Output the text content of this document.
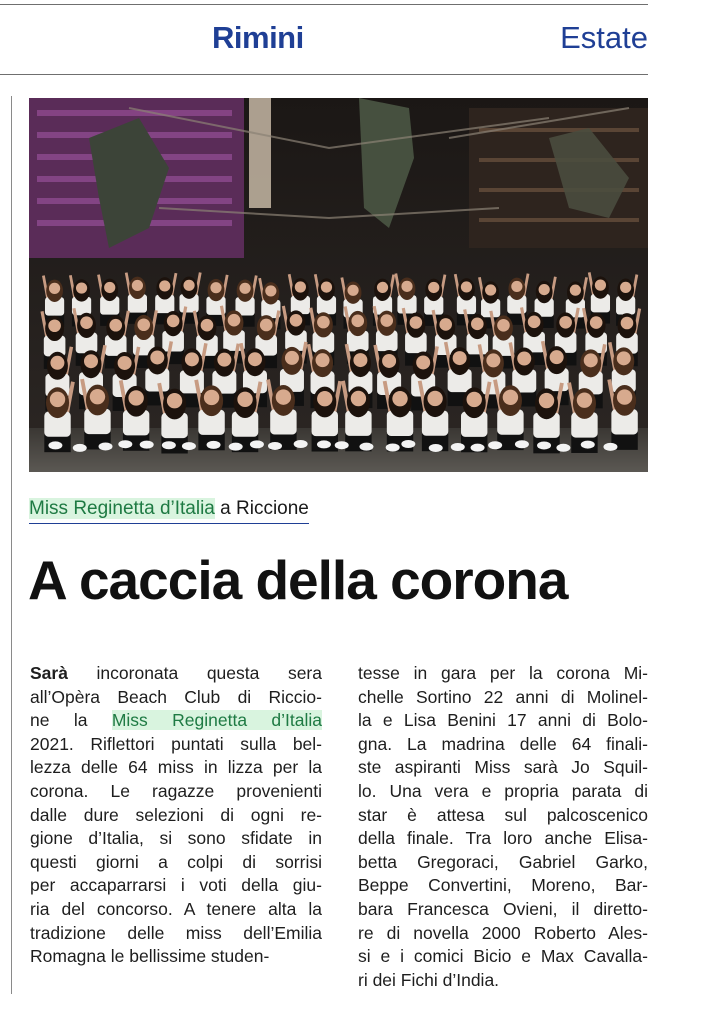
Rimini	Estate
Miss Reginetta d’Italia a Riccione
A caccia della corona
Sarà incoronata questa sera
all’Opèra Beach Club di Riccio-
ne la Miss Reginetta d’Italia
2021. Riflettori puntati sulla bel-
lezza delle 64 miss in lizza per la
corona. Le ragazze provenienti
dalle dure selezioni di ogni re-
gione d’Italia, si sono sfidate in
questi giorni a colpi di sorrisi
per accaparrarsi i voti della giu-
ria del concorso. A tenere alta la
tradizione delle miss dell’Emilia
Romagna le bellissime studen-
tesse in gara per la corona Mi-
chelle Sortino 22 anni di Molinel-
la e Lisa Benini 17 anni di Bolo-
gna. La madrina delle 64 finali-
ste aspiranti Miss sarà Jo Squil-
lo. Una vera e propria parata di
star è attesa sul palcoscenico
della finale. Tra loro anche Elisa-
betta Gregoraci, Gabriel Garko,
Beppe Convertini, Moreno, Bar-
bara Francesca Ovieni, il diretto-
re di novella 2000 Roberto Ales-
si e i comici Bicio e Max Cavalla-
ri dei Fichi d’India.
